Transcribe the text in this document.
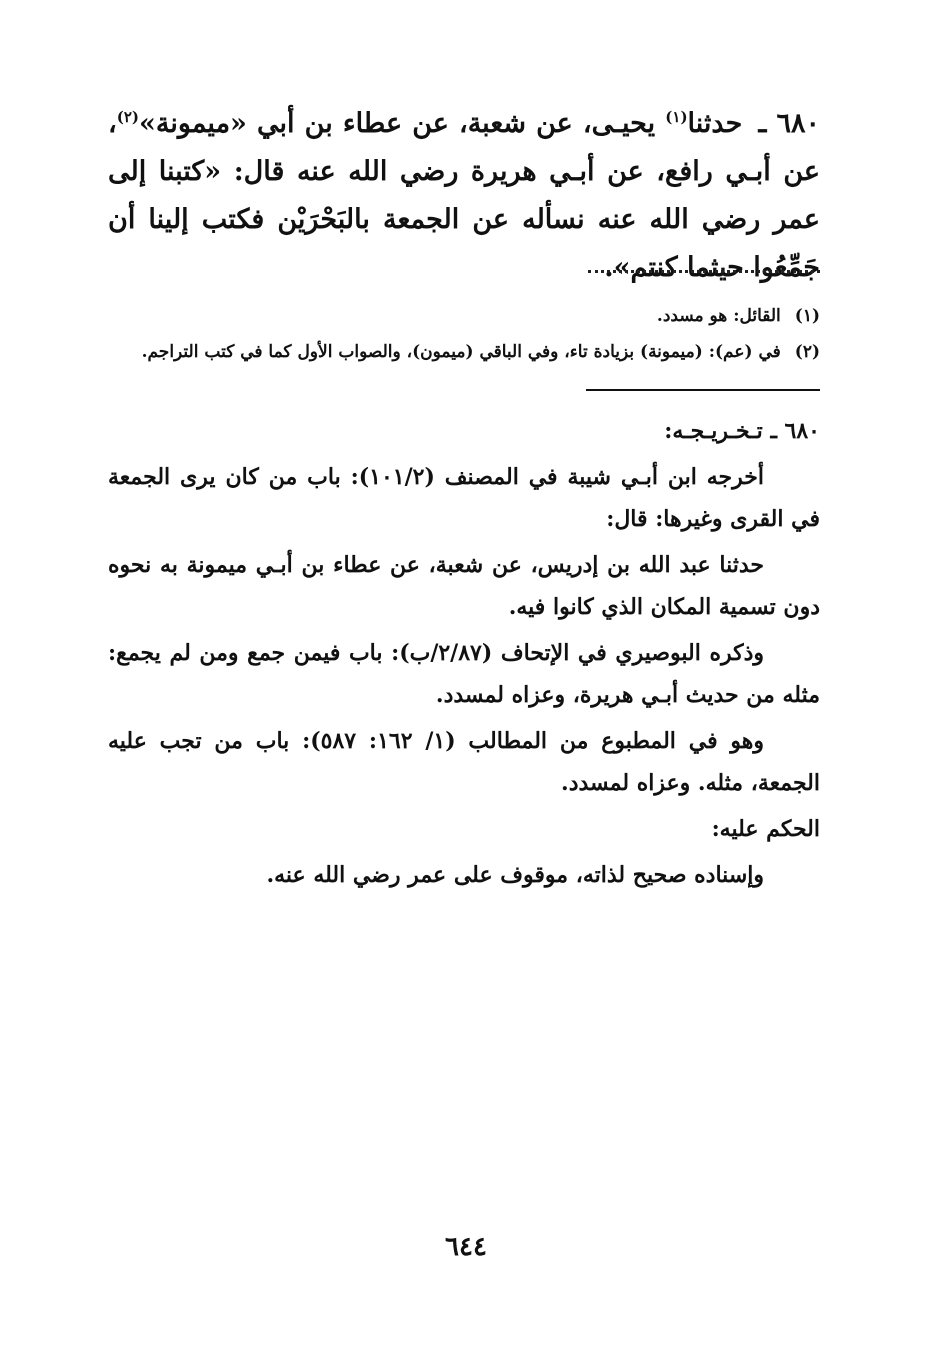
٦٨٠ ـ حدثنا$^{(١)}$ يحيـى، عن شعبة، عن عطاء بن أبي «ميمونة»$^{(٢)}$، عن أبـي رافع، عن أبـي هريرة رضي الله عنه قال: «كتبنا إلى عمر رضي الله عنه نسأله عن الجمعة بالبَحْرَيْن فكتب إلينا أن جَمِّعُوا حيثما كنتم».

(١)القائل: هو مسدد.

(٢)في (عم): (ميمونة) بزيادة تاء، وفي الباقي (ميمون)، والصواب الأول كما في كتب التراجم.

٦٨٠ ـ تـخـريـجـه:

أخرجه ابن أبـي شيبة في المصنف (١٠١/٢): باب من كان يرى الجمعة في القرى وغيرها: قال:

حدثنا عبد الله بن إدريس، عن شعبة، عن عطاء بن أبـي ميمونة به نحوه دون تسمية المكان الذي كانوا فيه.

وذكره البوصيري في الإتحاف (٢/٨٧/ب): باب فيمن جمع ومن لم يجمع: مثله من حديث أبـي هريرة، وعزاه لمسدد.

وهو في المطبوع من المطالب (١/ ١٦٢: ٥٨٧): باب من تجب عليه الجمعة، مثله. وعزاه لمسدد.

الحكم عليه:

وإسناده صحيح لذاته، موقوف على عمر رضي الله عنه.

٦٤٤
